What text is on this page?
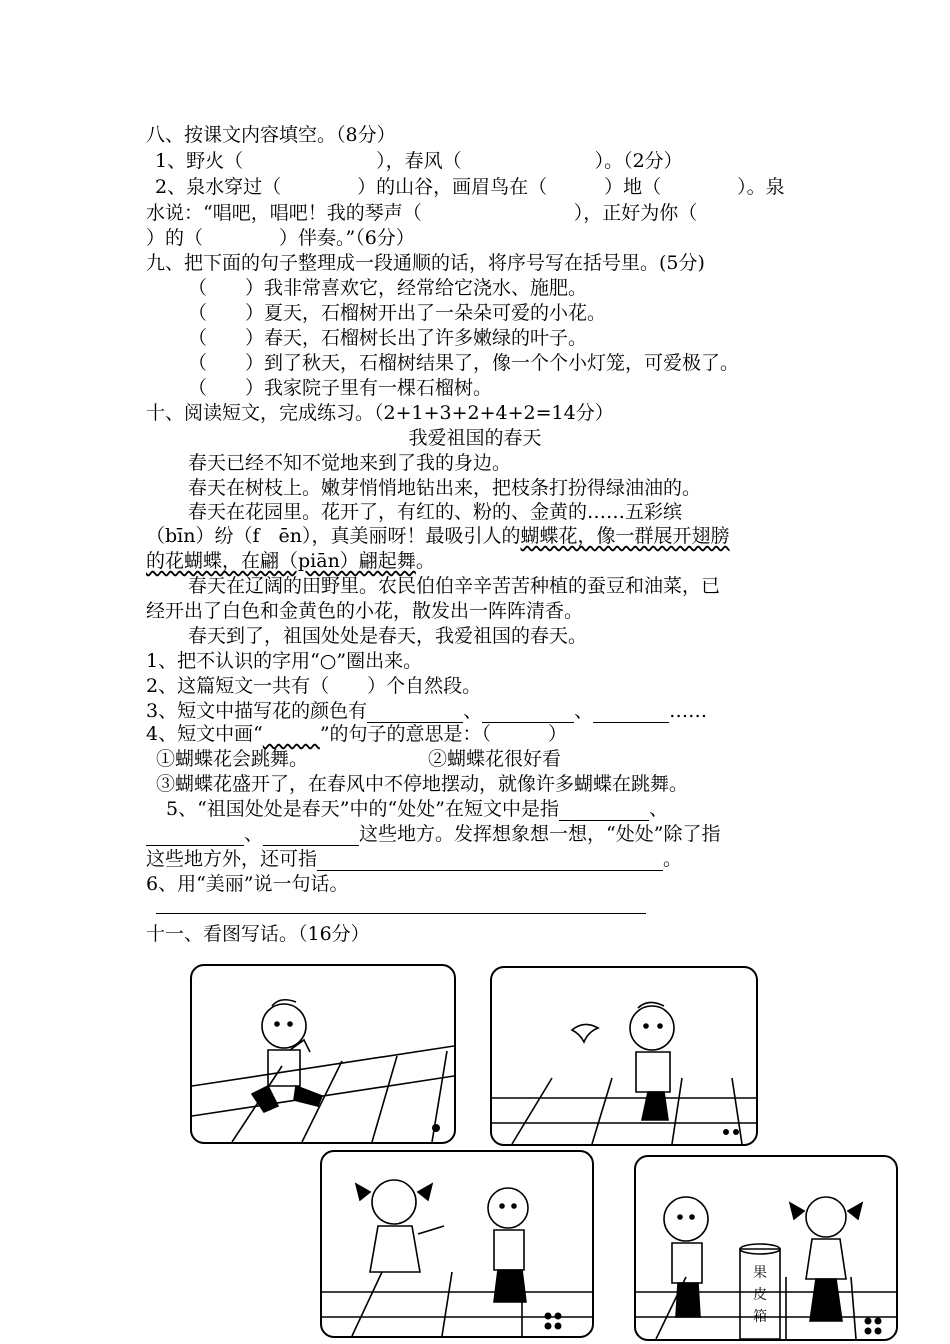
八、按课文内容填空。（8分）
1、野火（　　　　　　　），春风（　　　　　　　）。（2分）
2、泉水穿过（　　　　）的山谷，画眉鸟在（　　　）地（　　　　）。泉
水说：“唱吧，唱吧！我的琴声（　　　　　　　　），正好为你（
）的（　　　　）伴奏。”（6分）
九、把下面的句子整理成一段通顺的话，将序号写在括号里。(5分)
（　　）我非常喜欢它，经常给它浇水、施肥。
（　　）夏天，石榴树开出了一朵朵可爱的小花。
（　　）春天，石榴树长出了许多嫩绿的叶子。
（　　）到了秋天，石榴树结果了，像一个个小灯笼，可爱极了。
（　　）我家院子里有一棵石榴树。
十、阅读短文，完成练习。（2+1+3+2+4+2=14分）
我爱祖国的春天
春天已经不知不觉地来到了我的身边。
春天在树枝上。嫩芽悄悄地钻出来，把枝条打扮得绿油油的。
春天在花园里。花开了，有红的、粉的、金黄的……五彩缤
（bīn）纷（f　ēn），真美丽呀！最吸引人的蝴蝶花，像一群展开翅膀
的花蝴蝶，在翩（piān）翩起舞。
春天在辽阔的田野里。农民伯伯辛辛苦苦种植的蚕豆和油菜，已
经开出了白色和金黄色的小花，散发出一阵阵清香。
春天到了，祖国处处是春天，我爱祖国的春天。
1、把不认识的字用“○”圈出来。
2、这篇短文一共有（　　）个自然段。
3、短文中描写花的颜色有	、	、	……
4、短文中画“　　　	”的句子的意思是：（　　　）
①蝴蝶花会跳舞。	②蝴蝶花很好看
③蝴蝶花盛开了，在春风中不停地摆动，就像许多蝴蝶在跳舞。
5、“祖国处处是春天”中的“处处”在短文中是指	、
、	这些地方。发挥想象想一想，“处处”除了指
这些地方外，还可指	。
6、用“美丽”说一句话。
十一、看图写话。（16分）
果
皮
箱
